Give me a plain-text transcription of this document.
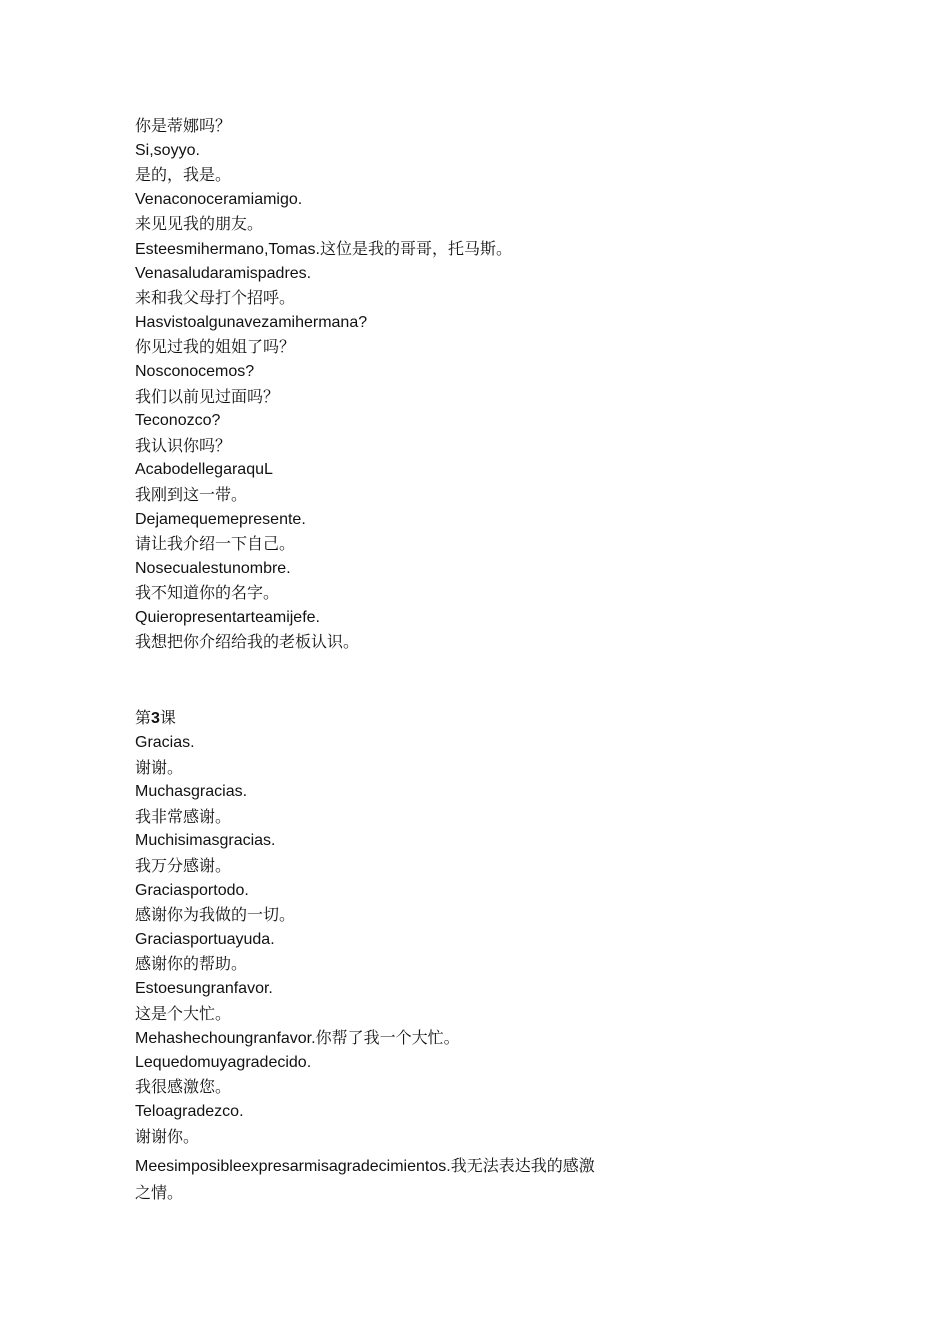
你是蒂娜吗？
Si,soyyo.
是的，我是。
Venaconoceramiamigo.
来见见我的朋友。
Esteesmihermano,Tomas.这位是我的哥哥，托马斯。
Venasaludaramispadres.
来和我父母打个招呼。
Hasvistoalgunavezamihermana?
你见过我的姐姐了吗？
Nosconocemos?
我们以前见过面吗？
Teconozco?
我认识你吗？
AcabodellegaraquL
我刚到这一带。
Dejamequemepresente.
请让我介绍一下自己。
Nosecualestunombre.
我不知道你的名字。
Quieropresentarteamijefe.
我想把你介绍给我的老板认识。
第3课
Gracias.
谢谢。
Muchasgracias.
我非常感谢。
Muchisimasgracias.
我万分感谢。
Graciasportodo.
感谢你为我做的一切。
Graciasportuayuda.
感谢你的帮助。
Estoesungranfavor.
这是个大忙。
Mehashechoungranfavor.你帮了我一个大忙。
Lequedomuyagradecido.
我很感激您。
Teloagradezco.
谢谢你。
Meesimposibleexpresarmisagradecimientos.我无法表达我的感激之情。
